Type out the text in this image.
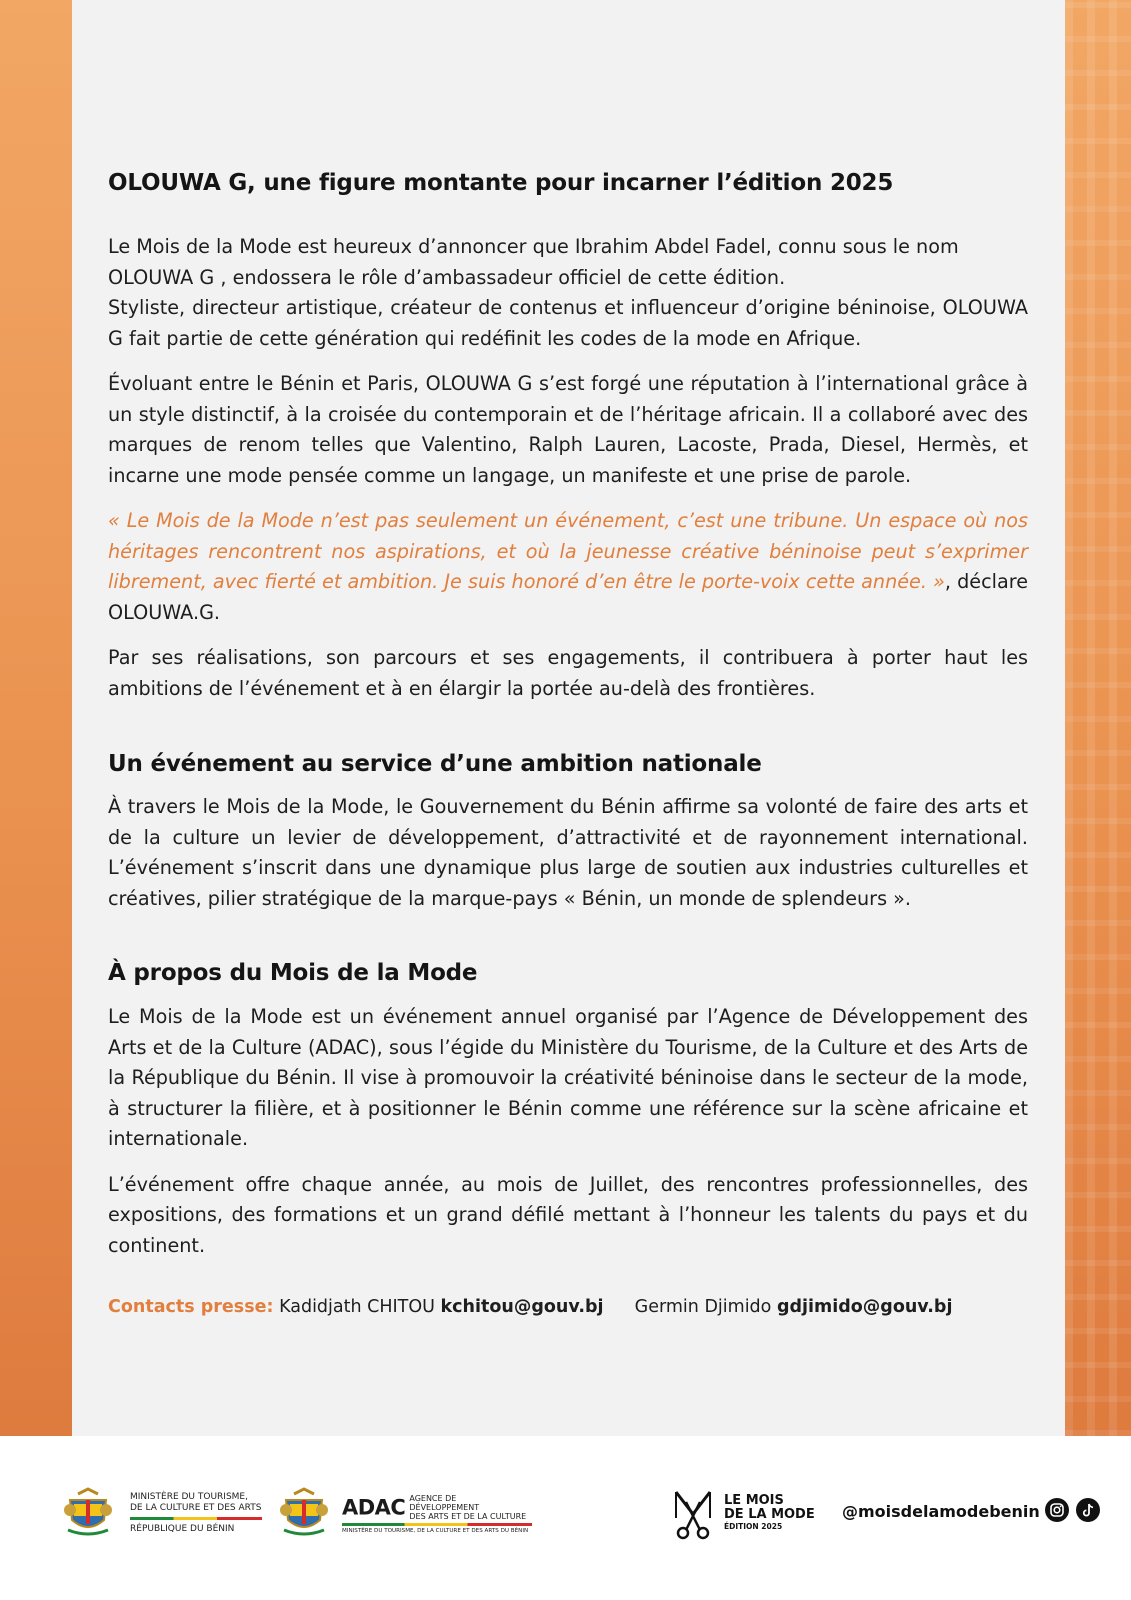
OLOUWA G, une figure montante pour incarner l’édition 2025

Le Mois de la Mode est heureux d’annoncer que Ibrahim Abdel Fadel, connu sous le nom OLOUWA G , endossera le rôle d’ambassadeur officiel de cette édition.

Styliste, directeur artistique, créateur de contenus et influenceur d’origine béninoise, OLOUWA G fait partie de cette génération qui redéfinit les codes de la mode en Afrique.

Évoluant entre le Bénin et Paris, OLOUWA G s’est forgé une réputation à l’international grâce à un style distinctif, à la croisée du contemporain et de l’héritage africain. Il a collaboré avec des marques de renom telles que Valentino, Ralph Lauren, Lacoste, Prada, Diesel, Hermès, et incarne une mode pensée comme un langage, un manifeste et une prise de parole.

« Le Mois de la Mode n’est pas seulement un événement, c’est une tribune. Un espace où nos héritages rencontrent nos aspirations, et où la jeunesse créative béninoise peut s’exprimer librement, avec fierté et ambition. Je suis honoré d’en être le porte-voix cette année. », déclare OLOUWA.G.

Par ses réalisations, son parcours et ses engagements, il contribuera à porter haut les ambitions de l’événement et à en élargir la portée au-delà des frontières.

Un événement au service d’une ambition nationale

À travers le Mois de la Mode, le Gouvernement du Bénin affirme sa volonté de faire des arts et de la culture un levier de développement, d’attractivité et de rayonnement international. L’événement s’inscrit dans une dynamique plus large de soutien aux industries culturelles et créatives, pilier stratégique de la marque-pays « Bénin, un monde de splendeurs ».

À propos du Mois de la Mode

Le Mois de la Mode est un événement annuel organisé par l’Agence de Développement des Arts et de la Culture (ADAC), sous l’égide du Ministère du Tourisme, de la Culture et des Arts de la République du Bénin. Il vise à promouvoir la créativité béninoise dans le secteur de la mode, à structurer la filière, et à positionner le Bénin comme une référence sur la scène africaine et internationale.

L’événement offre chaque année, au mois de Juillet, des rencontres professionnelles, des expositions, des formations et un grand défilé mettant à l’honneur les talents du pays et du continent.

Contacts presse: Kadidjath CHITOU kchitou@gouv.bj Germin Djimido gdjimido@gouv.bj
MINISTÈRE DU TOURISME,
DE LA CULTURE ET DES ARTS
RÉPUBLIQUE DU BÉNIN
ADAC AGENCE DE DÉVELOPPEMENT
DES ARTS ET DE LA CULTURE
MINISTÈRE DU TOURISME, DE LA CULTURE ET DES ARTS DU BÉNIN
LE MOIS
DE LA MODE
ÉDITION 2025
@moisdelamodebenin
